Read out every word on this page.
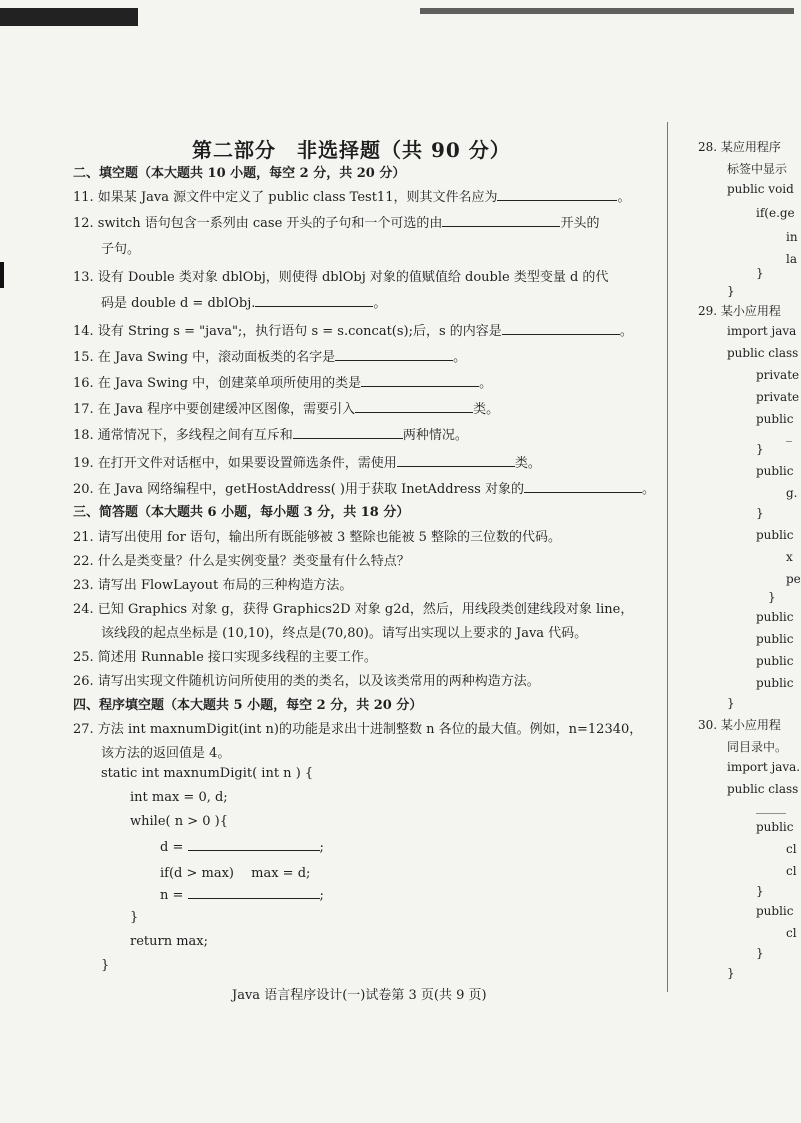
第二部分　非选择题（共 90 分）
二、填空题（本大题共 10 小题，每空 2 分，共 20 分）
11. 如果某 Java 源文件中定义了 public class Test11，则其文件名应为	。
12. switch 语句包含一系列由 case 开头的子句和一个可选的由	开头的
子句。
13. 设有 Double 类对象 dblObj，则使得 dblObj 对象的值赋值给 double 类型变量 d 的代
码是 double d = dblObj.	。
14. 设有 String s = "java";，执行语句 s = s.concat(s);后，s 的内容是	。
15. 在 Java Swing 中，滚动面板类的名字是	。
16. 在 Java Swing 中，创建菜单项所使用的类是	。
17. 在 Java 程序中要创建缓冲区图像，需要引入	类。
18. 通常情况下，多线程之间有互斥和	两种情况。
19. 在打开文件对话框中，如果要设置筛选条件，需使用	类。
20. 在 Java 网络编程中，getHostAddress( )用于获取 InetAddress 对象的	。
三、简答题（本大题共 6 小题，每小题 3 分，共 18 分）
21. 请写出使用 for 语句，输出所有既能够被 3 整除也能被 5 整除的三位数的代码。
22. 什么是类变量？什么是实例变量？类变量有什么特点？
23. 请写出 FlowLayout 布局的三种构造方法。
24. 已知 Graphics 对象 g，获得 Graphics2D 对象 g2d，然后，用线段类创建线段对象 line，
该线段的起点坐标是 (10,10)，终点是(70,80)。请写出实现以上要求的 Java 代码。
25. 简述用 Runnable 接口实现多线程的主要工作。
26. 请写出实现文件随机访问所使用的类的类名，以及该类常用的两种构造方法。
四、程序填空题（本大题共 5 小题，每空 2 分，共 20 分）
27. 方法 int maxnumDigit(int n)的功能是求出十进制整数 n 各位的最大值。例如，n=12340，
该方法的返回值是 4。
static int maxnumDigit( int n ) {
int max = 0, d;
while( n > 0 ){
d =	;
if(d > max)　 max = d;
n =	;
}
return max;
}
Java 语言程序设计(一)试卷第 3 页(共 9 页)
28. 某应用程序
标签中显示
public void
if(e.ge
in
la
}
}
29. 某小应用程
import java
public class
private
private
public
_
}
public
g.
}
public
x
pe
}
public
public
public
public
}
30. 某小应用程
同目录中。
import java.
public class
_____
public
cl
cl
}
public
cl
}
}
